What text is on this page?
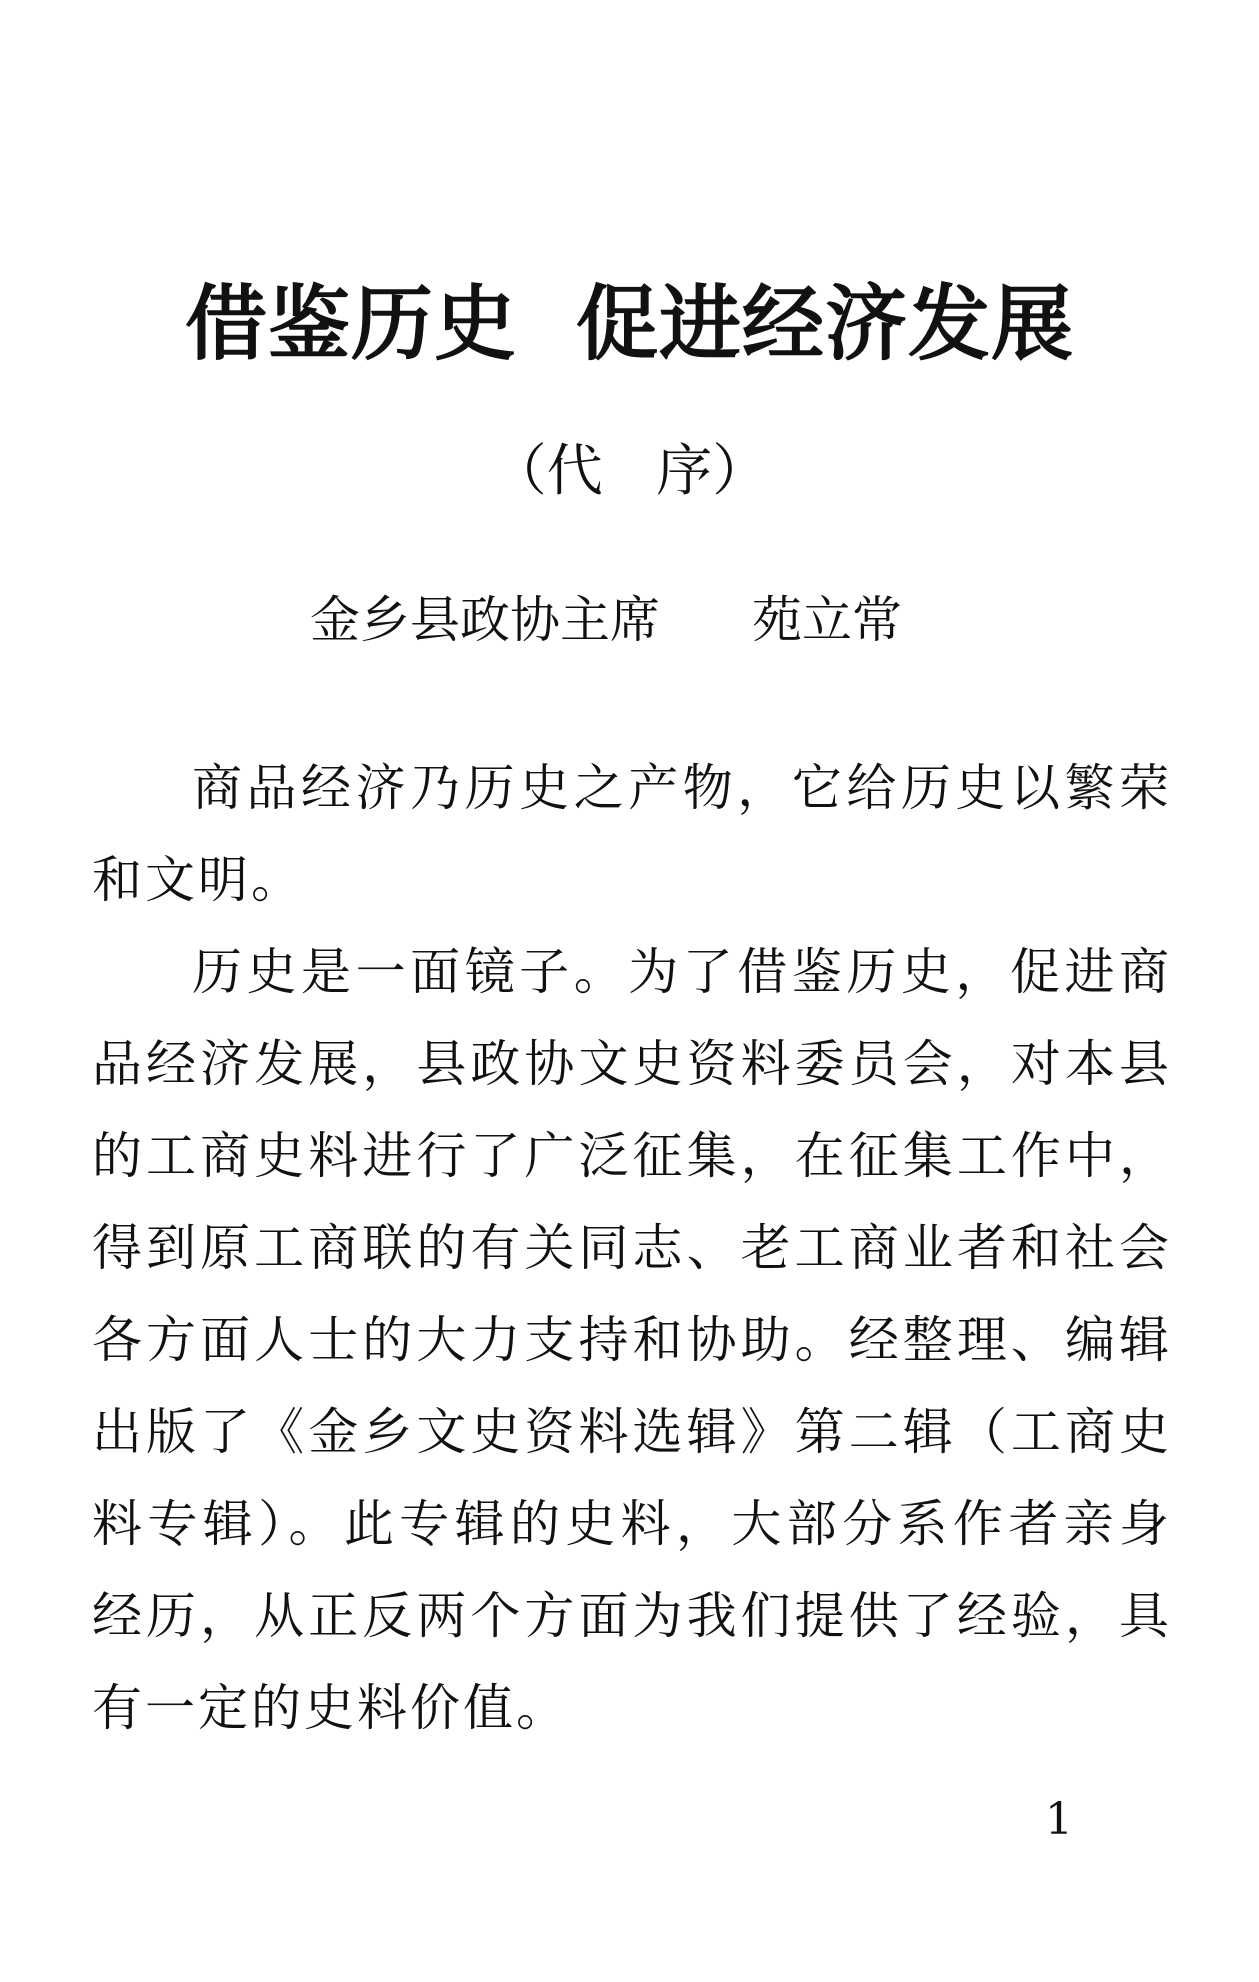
借鉴历史  促进经济发展
（代   序）
金乡县政协主席 苑立常

商品经济乃历史之产物，它给历史以繁荣和文明。

历史是一面镜子。为了借鉴历史，促进商品经济发展，县政协文史资料委员会，对本县的工商史料进行了广泛征集，在征集工作中，得到原工商联的有关同志、老工商业者和社会各方面人士的大力支持和协助。经整理、编辑出版了《金乡文史资料选辑》第二辑（工商史料专辑）。此专辑的史料，大部分系作者亲身经历，从正反两个方面为我们提供了经验，具有一定的史料价值。

1
